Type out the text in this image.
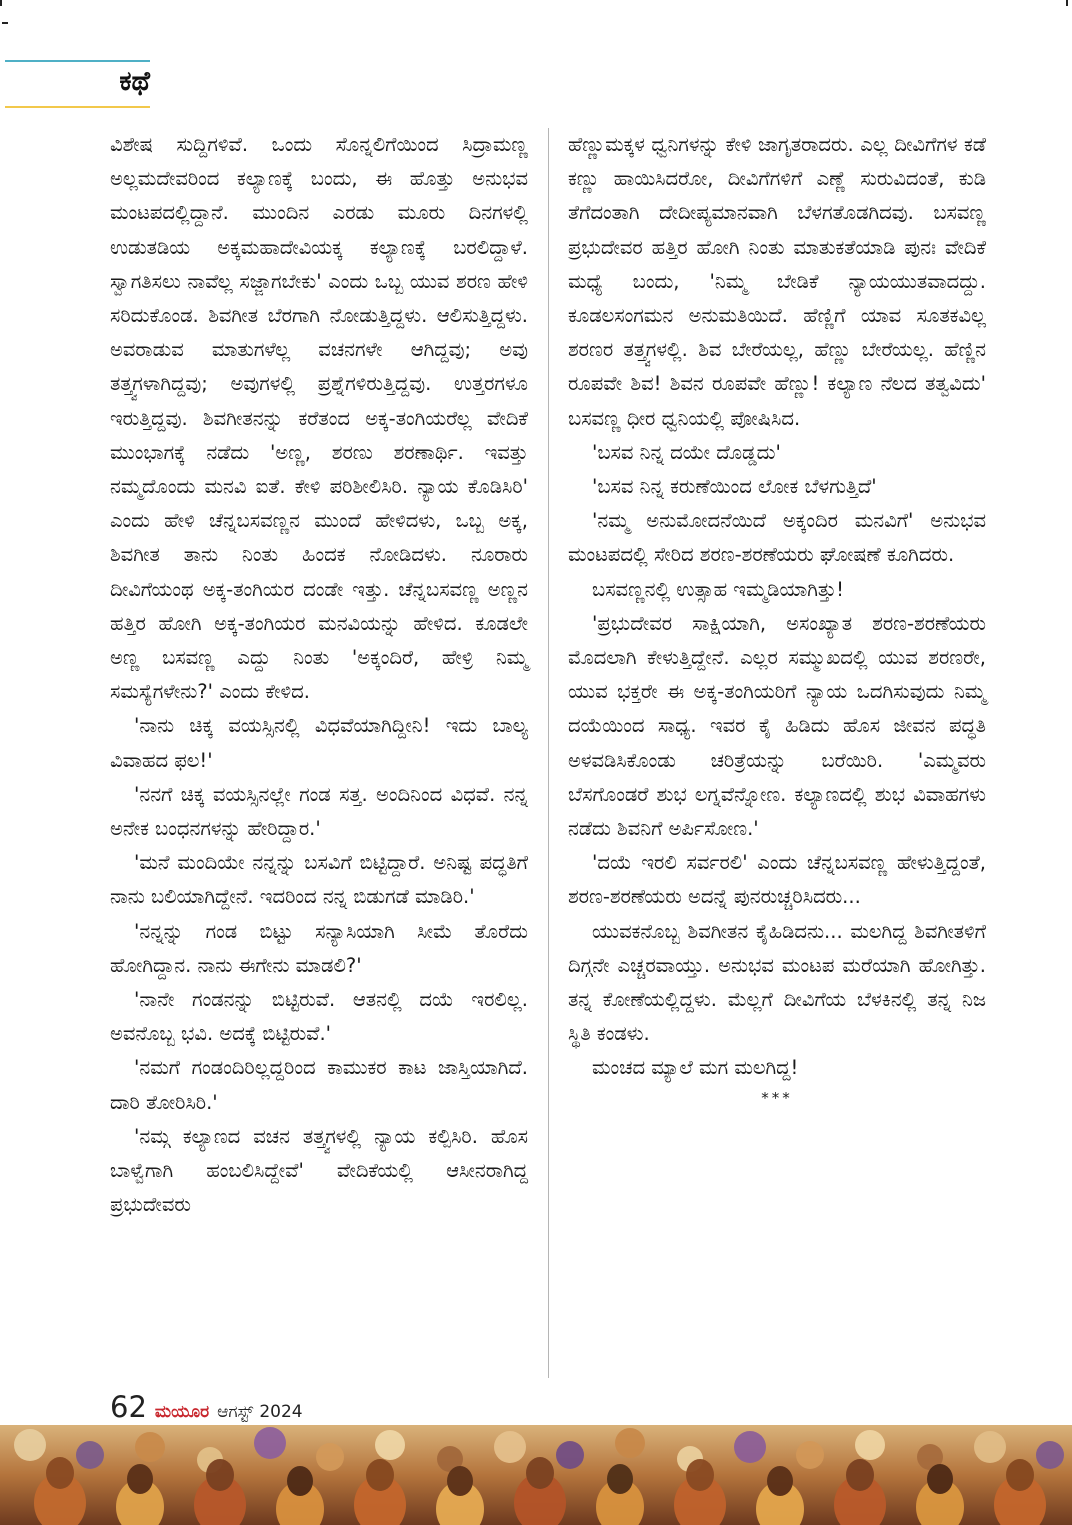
ಕಥೆ

ವಿಶೇಷ ಸುದ್ದಿಗಳಿವೆ. ಒಂದು ಸೊನ್ನಲಿಗೆಯಿಂದ ಸಿದ್ರಾಮಣ್ಣ ಅಲ್ಲಮದೇವರಿಂದ ಕಲ್ಯಾಣಕ್ಕೆ ಬಂದು, ಈ ಹೊತ್ತು ಅನುಭವ ಮಂಟಪದಲ್ಲಿದ್ದಾನೆ. ಮುಂದಿನ ಎರಡು ಮೂರು ದಿನಗಳಲ್ಲಿ ಉಡುತಡಿಯ ಅಕ್ಕಮಹಾದೇವಿಯಕ್ಕ ಕಲ್ಯಾಣಕ್ಕೆ ಬರಲಿದ್ದಾಳೆ. ಸ್ವಾಗತಿಸಲು ನಾವೆಲ್ಲ ಸಜ್ಜಾಗಬೇಕು' ಎಂದು ಒಬ್ಬ ಯುವ ಶರಣ ಹೇಳಿ ಸರಿದುಕೊಂಡ. ಶಿವಗೀತ ಬೆರಗಾಗಿ ನೋಡುತ್ತಿದ್ದಳು. ಆಲಿಸುತ್ತಿದ್ದಳು. ಅವರಾಡುವ ಮಾತುಗಳೆಲ್ಲ ವಚನಗಳೇ ಆಗಿದ್ದವು; ಅವು ತತ್ತ್ವಗಳಾಗಿದ್ದವು; ಅವುಗಳಲ್ಲಿ ಪ್ರಶ್ನೆಗಳಿರುತ್ತಿದ್ದವು. ಉತ್ತರಗಳೂ ಇರುತ್ತಿದ್ದವು. ಶಿವಗೀತನನ್ನು ಕರೆತಂದ ಅಕ್ಕ-ತಂಗಿಯರೆಲ್ಲ ವೇದಿಕೆ ಮುಂಭಾಗಕ್ಕೆ ನಡೆದು 'ಅಣ್ಣ, ಶರಣು ಶರಣಾರ್ಥಿ. ಇವತ್ತು ನಮ್ಮದೊಂದು ಮನವಿ ಐತೆ. ಕೇಳಿ ಪರಿಶೀಲಿಸಿರಿ. ನ್ಯಾಯ ಕೊಡಿಸಿರಿ' ಎಂದು ಹೇಳಿ ಚೆನ್ನಬಸವಣ್ಣನ ಮುಂದೆ ಹೇಳಿದಳು, ಒಬ್ಬ ಅಕ್ಕ, ಶಿವಗೀತ ತಾನು ನಿಂತು ಹಿಂದಕ ನೋಡಿದಳು. ನೂರಾರು ದೀವಿಗೆಯಂಥ ಅಕ್ಕ-ತಂಗಿಯರ ದಂಡೇ ಇತ್ತು. ಚೆನ್ನಬಸವಣ್ಣ ಅಣ್ಣನ ಹತ್ತಿರ ಹೋಗಿ ಅಕ್ಕ-ತಂಗಿಯರ ಮನವಿಯನ್ನು ಹೇಳಿದ. ಕೂಡಲೇ ಅಣ್ಣ ಬಸವಣ್ಣ ಎದ್ದು ನಿಂತು 'ಅಕ್ಕಂದಿರೆ, ಹೇಳ್ರಿ ನಿಮ್ಮ ಸಮಸ್ಯೆಗಳೇನು?' ಎಂದು ಕೇಳಿದ.

'ನಾನು ಚಿಕ್ಕ ವಯಸ್ಸಿನಲ್ಲಿ ವಿಧವೆಯಾಗಿದ್ದೀನಿ! ಇದು ಬಾಲ್ಯ ವಿವಾಹದ ಫಲ!'

'ನನಗೆ ಚಿಕ್ಕ ವಯಸ್ಸಿನಲ್ಲೇ ಗಂಡ ಸತ್ತ. ಅಂದಿನಿಂದ ವಿಧವೆ. ನನ್ನ ಅನೇಕ ಬಂಧನಗಳನ್ನು ಹೇರಿದ್ದಾರ.'

'ಮನೆ ಮಂದಿಯೇ ನನ್ನನ್ನು ಬಸವಿಗೆ ಬಿಟ್ಟಿದ್ದಾರೆ. ಅನಿಷ್ಟ ಪದ್ಧತಿಗೆ ನಾನು ಬಲಿಯಾಗಿದ್ದೇನೆ. ಇದರಿಂದ ನನ್ನ ಬಿಡುಗಡೆ ಮಾಡಿರಿ.'

'ನನ್ನನ್ನು ಗಂಡ ಬಿಟ್ಟು ಸನ್ಯಾಸಿಯಾಗಿ ಸೀಮೆ ತೊರೆದು ಹೋಗಿದ್ದಾನ. ನಾನು ಈಗೇನು ಮಾಡಲಿ?'

'ನಾನೇ ಗಂಡನನ್ನು ಬಿಟ್ಟಿರುವೆ. ಆತನಲ್ಲಿ ದಯೆ ಇರಲಿಲ್ಲ. ಅವನೊಬ್ಬ ಭವಿ. ಅದಕ್ಕೆ ಬಿಟ್ಟಿರುವೆ.'

'ನಮಗೆ ಗಂಡಂದಿರಿಲ್ಲದ್ದರಿಂದ ಕಾಮುಕರ ಕಾಟ ಜಾಸ್ತಿಯಾಗಿದೆ. ದಾರಿ ತೋರಿಸಿರಿ.'

'ನಮ್ಗ ಕಲ್ಯಾಣದ ವಚನ ತತ್ತ್ವಗಳಲ್ಲಿ ನ್ಯಾಯ ಕಲ್ಪಿಸಿರಿ. ಹೊಸ ಬಾಳ್ವೆಗಾಗಿ ಹಂಬಲಿಸಿದ್ದೇವೆ' ವೇದಿಕೆಯಲ್ಲಿ ಆಸೀನರಾಗಿದ್ದ ಪ್ರಭುದೇವರು

ಹೆಣ್ಣುಮಕ್ಕಳ ಧ್ವನಿಗಳನ್ನು ಕೇಳಿ ಜಾಗೃತರಾದರು. ಎಲ್ಲ ದೀವಿಗೆಗಳ ಕಡೆ ಕಣ್ಣು ಹಾಯಿಸಿದರೋ, ದೀವಿಗೆಗಳಿಗೆ ಎಣ್ಣೆ ಸುರುವಿದಂತೆ, ಕುಡಿ ತೆಗೆದಂತಾಗಿ ದೇದೀಪ್ಯಮಾನವಾಗಿ ಬೆಳಗತೊಡಗಿದವು. ಬಸವಣ್ಣ ಪ್ರಭುದೇವರ ಹತ್ತಿರ ಹೋಗಿ ನಿಂತು ಮಾತುಕತೆಯಾಡಿ ಪುನಃ ವೇದಿಕೆ ಮಧ್ಯೆ ಬಂದು, 'ನಿಮ್ಮ ಬೇಡಿಕೆ ನ್ಯಾಯಯುತವಾದದ್ದು. ಕೂಡಲಸಂಗಮನ ಅನುಮತಿಯಿದೆ. ಹೆಣ್ಣಿಗೆ ಯಾವ ಸೂತಕವಿಲ್ಲ ಶರಣರ ತತ್ತ್ವಗಳಲ್ಲಿ. ಶಿವ ಬೇರೆಯಲ್ಲ, ಹೆಣ್ಣು ಬೇರೆಯಲ್ಲ. ಹೆಣ್ಣಿನ ರೂಪವೇ ಶಿವ! ಶಿವನ ರೂಪವೇ ಹೆಣ್ಣು! ಕಲ್ಯಾಣ ನೆಲದ ತತ್ವವಿದು' ಬಸವಣ್ಣ ಧೀರ ಧ್ವನಿಯಲ್ಲಿ ಪೋಷಿಸಿದ.

'ಬಸವ ನಿನ್ನ ದಯೇ ದೊಡ್ಡದು'

'ಬಸವ ನಿನ್ನ ಕರುಣೆಯಿಂದ ಲೋಕ ಬೆಳಗುತ್ತಿದೆ'

'ನಮ್ಮ ಅನುಮೋದನೆಯಿದೆ ಅಕ್ಕಂದಿರ ಮನವಿಗೆ' ಅನುಭವ ಮಂಟಪದಲ್ಲಿ ಸೇರಿದ ಶರಣ-ಶರಣೆಯರು ಘೋಷಣೆ ಕೂಗಿದರು.

ಬಸವಣ್ಣನಲ್ಲಿ ಉತ್ಸಾಹ ಇಮ್ಮಡಿಯಾಗಿತ್ತು!

'ಪ್ರಭುದೇವರ ಸಾಕ್ಷಿಯಾಗಿ, ಅಸಂಖ್ಯಾತ ಶರಣ-ಶರಣೆಯರು ಮೊದಲಾಗಿ ಕೇಳುತ್ತಿದ್ದೇನೆ. ಎಲ್ಲರ ಸಮ್ಮುಖದಲ್ಲಿ ಯುವ ಶರಣರೇ, ಯುವ ಭಕ್ತರೇ ಈ ಅಕ್ಕ-ತಂಗಿಯರಿಗೆ ನ್ಯಾಯ ಒದಗಿಸುವುದು ನಿಮ್ಮ ದಯೆಯಿಂದ ಸಾಧ್ಯ. ಇವರ ಕೈ ಹಿಡಿದು ಹೊಸ ಜೀವನ ಪದ್ಧತಿ ಅಳವಡಿಸಿಕೊಂಡು ಚರಿತ್ರೆಯನ್ನು ಬರೆಯಿರಿ. 'ಎಮ್ಮವರು ಬೆಸಗೊಂಡರೆ ಶುಭ ಲಗ್ನವೆನ್ನೋಣ. ಕಲ್ಯಾಣದಲ್ಲಿ ಶುಭ ವಿವಾಹಗಳು ನಡೆದು ಶಿವನಿಗೆ ಅರ್ಪಿಸೋಣ.'

'ದಯೆ ಇರಲಿ ಸರ್ವರಲಿ' ಎಂದು ಚೆನ್ನಬಸವಣ್ಣ ಹೇಳುತ್ತಿದ್ದಂತೆ, ಶರಣ-ಶರಣೆಯರು ಅದನ್ನೆ ಪುನರುಚ್ಚರಿಸಿದರು...

ಯುವಕನೊಬ್ಬ ಶಿವಗೀತನ ಕೈಹಿಡಿದನು... ಮಲಗಿದ್ದ ಶಿವಗೀತಳಿಗೆ ದಿಗ್ಗನೇ ಎಚ್ಚರವಾಯ್ತು. ಅನುಭವ ಮಂಟಪ ಮರೆಯಾಗಿ ಹೋಗಿತ್ತು. ತನ್ನ ಕೋಣೆಯಲ್ಲಿದ್ದಳು. ಮೆಲ್ಲಗೆ ದೀವಿಗೆಯ ಬೆಳಕಿನಲ್ಲಿ ತನ್ನ ನಿಜ ಸ್ಥಿತಿ ಕಂಡಳು.

ಮಂಚದ ಮ್ಯಾಲೆ ಮಗ ಮಲಗಿದ್ದ!

***

62 ಮಯೂರ ಆಗಸ್ಟ್ 2024
